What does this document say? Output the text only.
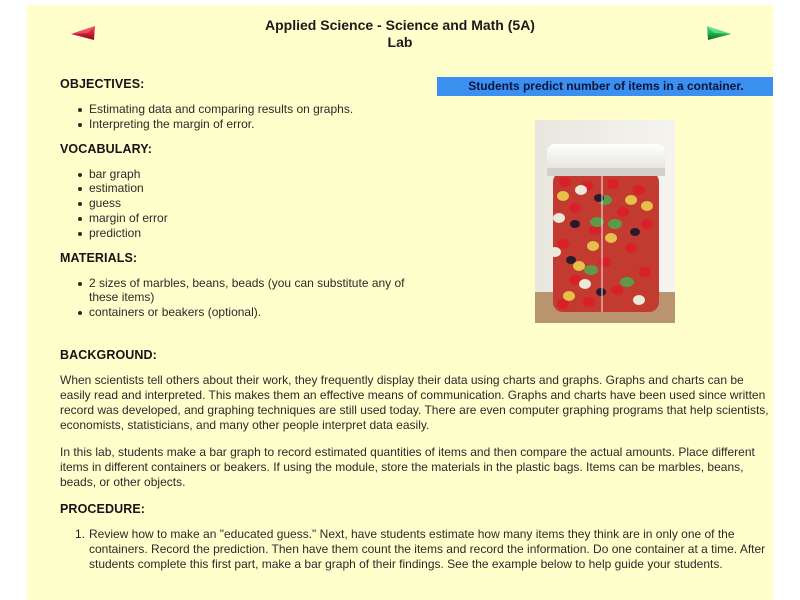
Applied Science - Science and Math (5A)
Lab
OBJECTIVES:
Estimating data and comparing results on graphs.
Interpreting the margin of error.
VOCABULARY:
bar graph
estimation
guess
margin of error
prediction
MATERIALS:
2 sizes of marbles, beans, beads (you can substitute any of these items)
containers or beakers (optional).
Students predict number of items in a container.
BACKGROUND:

When scientists tell others about their work, they frequently display their data using charts and graphs. Graphs and charts can be easily read and interpreted. This makes them an effective means of communication. Graphs and charts have been used since written record was developed, and graphing techniques are still used today. There are even computer graphing programs that help scientists, economists, statisticians, and many other people interpret data easily.

In this lab, students make a bar graph to record estimated quantities of items and then compare the actual amounts. Place different items in different containers or beakers. If using the module, store the materials in the plastic bags. Items can be marbles, beans, beads, or other objects.

PROCEDURE:
1. Review how to make an "educated guess." Next, have students estimate how many items they think are in only one of the containers. Record the prediction. Then have them count the items and record the information. Do one container at a time. After students complete this first part, make a bar graph of their findings. See the example below to help guide your students.
